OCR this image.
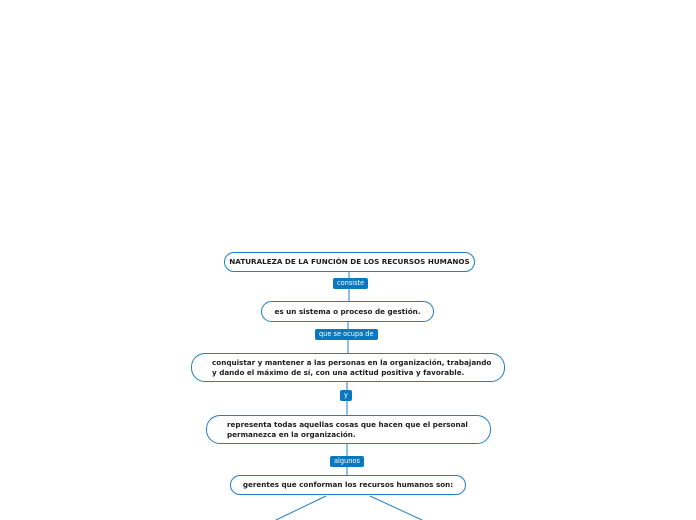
NATURALEZA DE LA FUNCIÓN DE LOS RECURSOS HUMANOS
consiste
es un sistema o proceso de gestión.
que se ocupa de
conquistar y mantener a las personas en la organización, trabajando
y dando el máximo de sí, con una actitud positiva y favorable.
y
representa todas aquellas cosas que hacen que el personal
permanezca en la organización.
algunos
gerentes que conforman los recursos humanos son:
